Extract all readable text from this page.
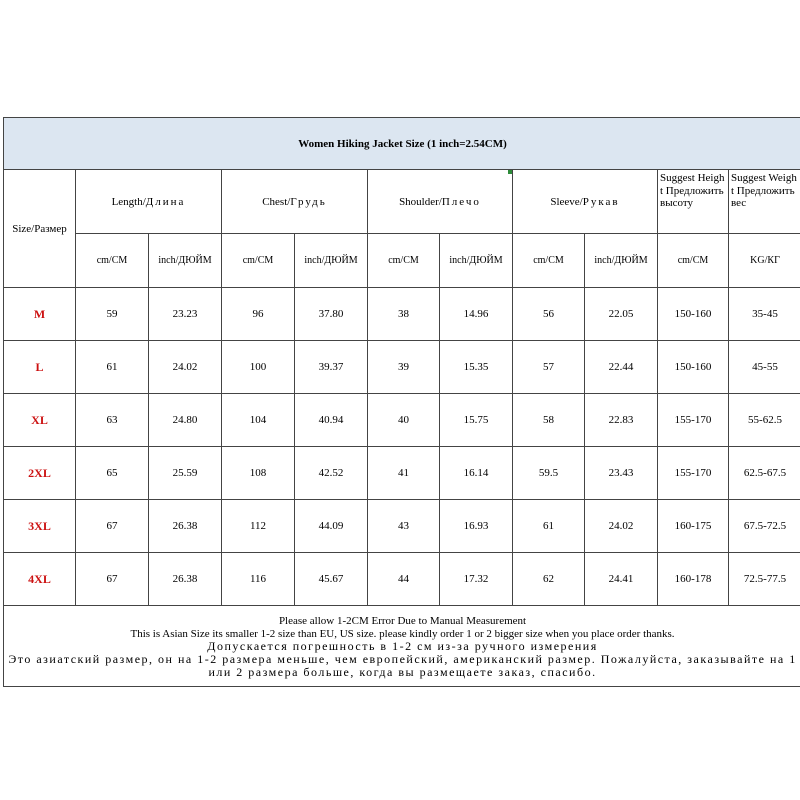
Women Hiking Jacket Size (1 inch=2.54CM)										
Size/Размер	Length/Длина		Chest/Грудь		Shoulder/Плечо		Sleeve/Рукав		Suggest Height Предложить высоту	Suggest Weight Предложить вес
	cm/СМ	inch/ДЮЙМ	cm/СМ	inch/ДЮЙМ	cm/СМ	inch/ДЮЙМ	cm/СМ	inch/ДЮЙМ	cm/СМ	KG/КГ
M	59	23.23	96	37.80	38	14.96	56	22.05	150-160	35-45
L	61	24.02	100	39.37	39	15.35	57	22.44	150-160	45-55
XL	63	24.80	104	40.94	40	15.75	58	22.83	155-170	55-62.5
2XL	65	25.59	108	42.52	41	16.14	59.5	23.43	155-170	62.5-67.5
3XL	67	26.38	112	44.09	43	16.93	61	24.02	160-175	67.5-72.5
4XL	67	26.38	116	45.67	44	17.32	62	24.41	160-178	72.5-77.5

Please allow 1-2CM Error Due to Manual Measurement
This is Asian Size its smaller 1-2 size than EU, US size. please kindly order 1 or 2 bigger size when you place order thanks.
Допускается погрешность в 1-2 см из-за ручного измерения
Это азиатский размер, он на 1-2 размера меньше, чем европейский, американский размер. Пожалуйста, заказывайте на 1 или 2 размера больше, когда вы размещаете заказ, спасибо.										
